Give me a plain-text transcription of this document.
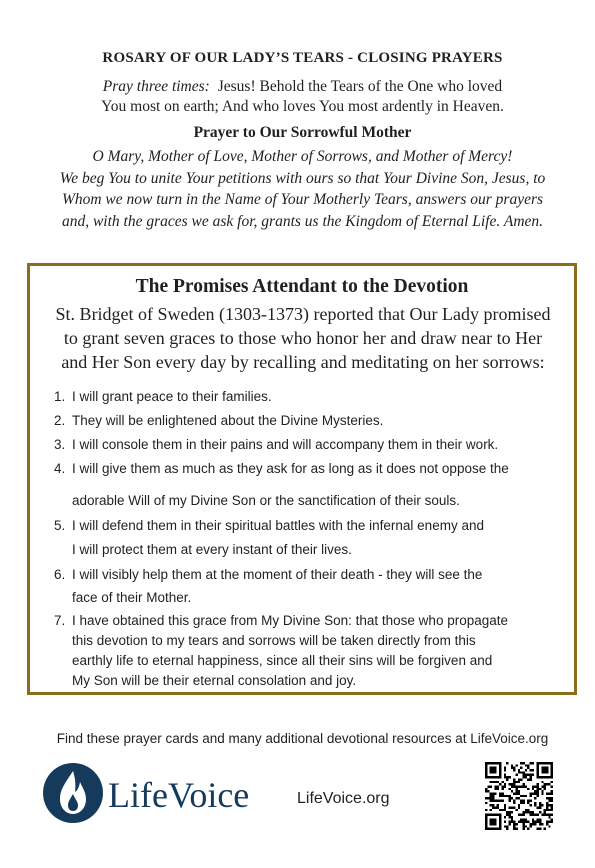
ROSARY OF OUR LADY’S TEARS - CLOSING PRAYERS
Pray three times: Jesus! Behold the Tears of the One who loved
You most on earth; And who loves You most ardently in Heaven.
Prayer to Our Sorrowful Mother
O Mary, Mother of Love, Mother of Sorrows, and Mother of Mercy!
We beg You to unite Your petitions with ours so that Your Divine Son, Jesus, to
Whom we now turn in the Name of Your Motherly Tears, answers our prayers
and, with the graces we ask for, grants us the Kingdom of Eternal Life. Amen.
The Promises Attendant to the Devotion
St. Bridget of Sweden (1303-1373) reported that Our Lady promised
to grant seven graces to those who honor her and draw near to Her
and Her Son every day by recalling and meditating on her sorrows:
1. I will grant peace to their families.
2. They will be enlightened about the Divine Mysteries.
3. I will console them in their pains and will accompany them in their work.
4. I will give them as much as they ask for as long as it does not oppose the
adorable Will of my Divine Son or the sanctification of their souls.
5. I will defend them in their spiritual battles with the infernal enemy and
I will protect them at every instant of their lives.
6. I will visibly help them at the moment of their death - they will see the
face of their Mother.
7. I have obtained this grace from My Divine Son: that those who propagate
this devotion to my tears and sorrows will be taken directly from this
earthly life to eternal happiness, since all their sins will be forgiven and
My Son will be their eternal consolation and joy.
Find these prayer cards and many additional devotional resources at LifeVoice.org
LifeVoice	LifeVoice.org
